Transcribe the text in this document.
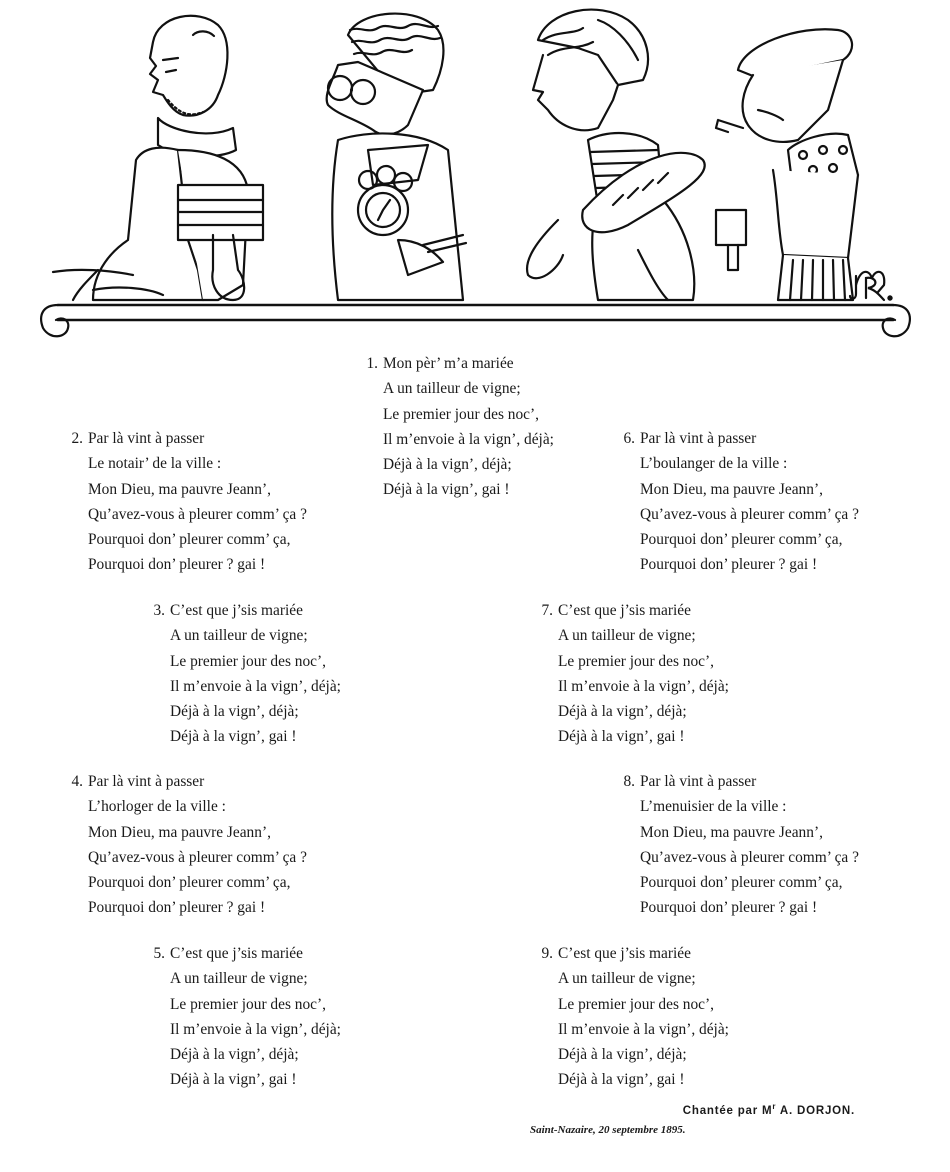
1. Mon pèr’ m’a mariée
A un tailleur de vigne;
Le premier jour des noc’,
Il m’envoie à la vign’, déjà;
Déjà à la vign’, déjà;
Déjà à la vign’, gai !
2. Par là vint à passer
Le notair’ de la ville :
Mon Dieu, ma pauvre Jeann’,
Qu’avez-vous à pleurer comm’ ça ?
Pourquoi don’ pleurer comm’ ça,
Pourquoi don’ pleurer ? gai !
3. C’est que j’sis mariée
A un tailleur de vigne;
Le premier jour des noc’,
Il m’envoie à la vign’, déjà;
Déjà à la vign’, déjà;
Déjà à la vign’, gai !
4. Par là vint à passer
L’horloger de la ville :
Mon Dieu, ma pauvre Jeann’,
Qu’avez-vous à pleurer comm’ ça ?
Pourquoi don’ pleurer comm’ ça,
Pourquoi don’ pleurer ? gai !
5. C’est que j’sis mariée
A un tailleur de vigne;
Le premier jour des noc’,
Il m’envoie à la vign’, déjà;
Déjà à la vign’, déjà;
Déjà à la vign’, gai !
6. Par là vint à passer
L’boulanger de la ville :
Mon Dieu, ma pauvre Jeann’,
Qu’avez-vous à pleurer comm’ ça ?
Pourquoi don’ pleurer comm’ ça,
Pourquoi don’ pleurer ? gai !
7. C’est que j’sis mariée
A un tailleur de vigne;
Le premier jour des noc’,
Il m’envoie à la vign’, déjà;
Déjà à la vign’, déjà;
Déjà à la vign’, gai !
8. Par là vint à passer
L’menuisier de la ville :
Mon Dieu, ma pauvre Jeann’,
Qu’avez-vous à pleurer comm’ ça ?
Pourquoi don’ pleurer comm’ ça,
Pourquoi don’ pleurer ? gai !
9. C’est que j’sis mariée
A un tailleur de vigne;
Le premier jour des noc’,
Il m’envoie à la vign’, déjà;
Déjà à la vign’, déjà;
Déjà à la vign’, gai !
Chantée par $M^r$ A. DORJON.
Saint-Nazaire, 20 septembre 1895.
